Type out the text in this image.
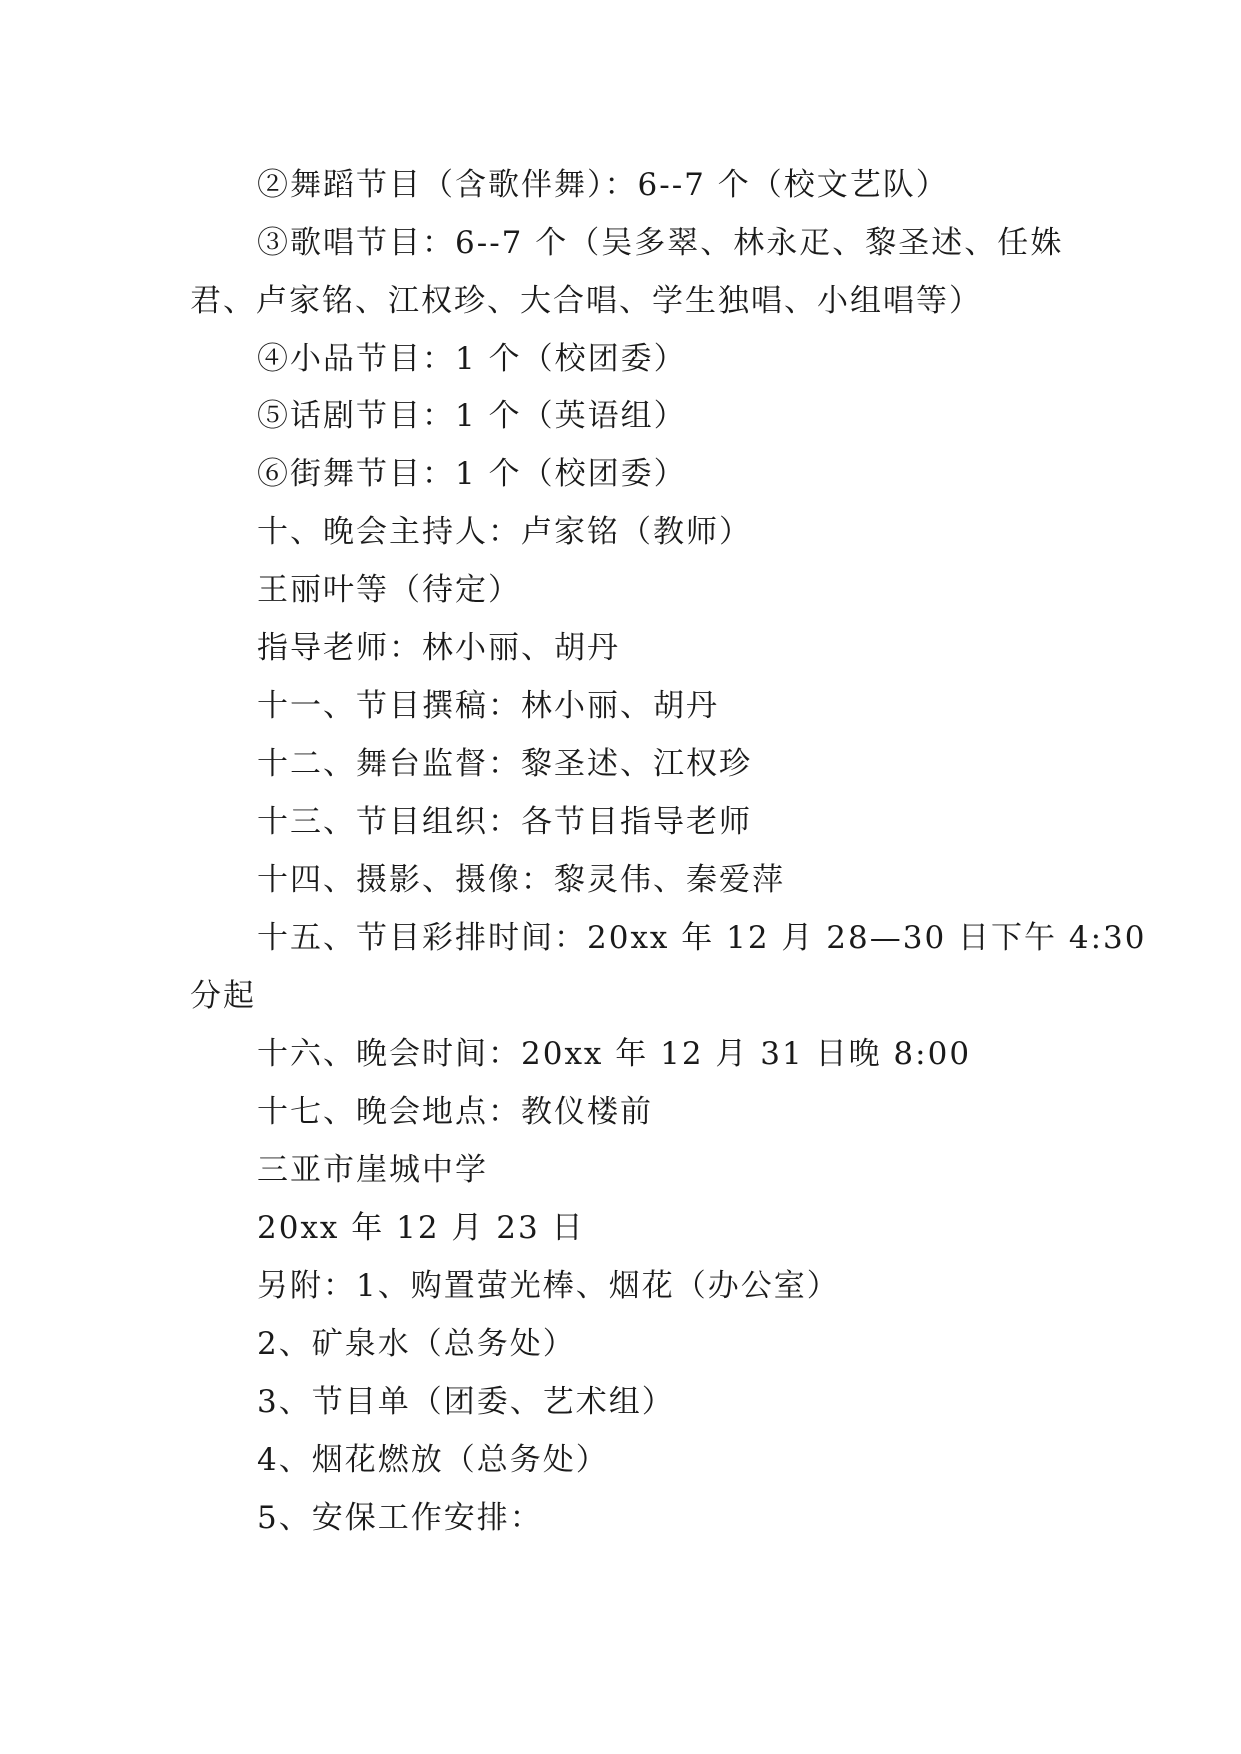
②舞蹈节目（含歌伴舞）：6--7 个（校文艺队）
③歌唱节目：6--7 个（吴多翠、林永疋、黎圣述、任姝
君、卢家铭、江权珍、大合唱、学生独唱、小组唱等）
④小品节目：1 个（校团委）
⑤话剧节目：1 个（英语组）
⑥街舞节目：1 个（校团委）
十、晚会主持人：卢家铭（教师）
王丽叶等（待定）
指导老师：林小丽、胡丹
十一、节目撰稿：林小丽、胡丹
十二、舞台监督：黎圣述、江权珍
十三、节目组织：各节目指导老师
十四、摄影、摄像：黎灵伟、秦爱萍
十五、节目彩排时间：20xx 年 12 月 28—30 日下午 4:30
分起
十六、晚会时间：20xx 年 12 月 31 日晚 8:00
十七、晚会地点：教仪楼前
三亚市崖城中学
20xx 年 12 月 23 日
另附：1、购置萤光棒、烟花（办公室）
2、矿泉水（总务处）
3、节目单（团委、艺术组）
4、烟花燃放（总务处）
5、安保工作安排：
